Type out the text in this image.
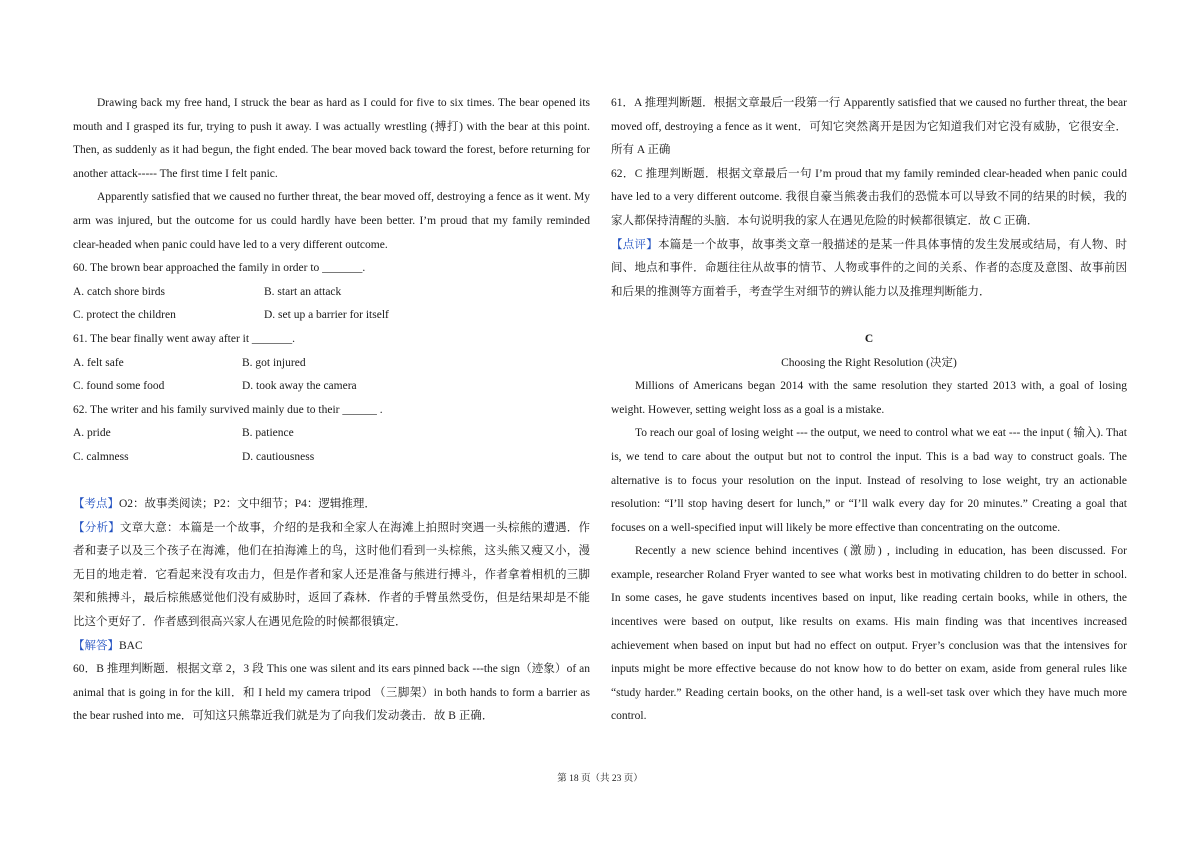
Drawing back my free hand, I struck the bear as hard as I could for five to six times. The bear opened its mouth and I grasped its fur, trying to push it away. I was actually wrestling (搏打) with the bear at this point. Then, as suddenly as it had begun, the fight ended. The bear moved back toward the forest, before returning for another attack----- The first time I felt panic.

Apparently satisfied that we caused no further threat, the bear moved off, destroying a fence as it went. My arm was injured, but the outcome for us could hardly have been better. I’m proud that my family reminded clear-headed when panic could have led to a very different outcome.

60. The brown bear approached the family in order to _______.

A. catch shore birds	B. start an attack
C. protect the children	D. set up a barrier for itself

61. The bear finally went away after it _______.

A. felt safe	B. got injured
C. found some food	D. took away the camera

62. The writer and his family survived mainly due to their ______ .

A. pride	B. patience
C. calmness	D. cautiousness

【考点】O2：故事类阅读；P2：文中细节；P4：逻辑推理．

【分析】文章大意：本篇是一个故事，介绍的是我和全家人在海滩上拍照时突遇一头棕熊的遭遇．作者和妻子以及三个孩子在海滩，他们在拍海滩上的鸟，这时他们看到一头棕熊，这头熊又瘦又小，漫无目的地走着．它看起来没有攻击力，但是作者和家人还是准备与熊进行搏斗，作者拿着相机的三脚架和熊搏斗，最后棕熊感觉他们没有威胁时，返回了森林．作者的手臂虽然受伤，但是结果却是不能比这个更好了．作者感到很高兴家人在遇见危险的时候都很镇定．

【解答】BAC

60．B 推理判断题．根据文章 2，3 段 This one was silent and its ears pinned back ---the sign（迹象）of an animal that is going in for the kill．和 I held my camera tripod （三脚架）in both hands to form a barrier as the bear rushed into me．可知这只熊靠近我们就是为了向我们发动袭击．故 B 正确．

61．A 推理判断题．根据文章最后一段第一行 Apparently satisfied that we caused no further threat, the bear moved off, destroying a fence as it went．可知它突然离开是因为它知道我们对它没有威胁，它很安全．所有 A 正确

62．C 推理判断题．根据文章最后一句 I’m proud that my family reminded clear-headed when panic could have led to a very different outcome. 我很自豪当熊袭击我们的恐慌本可以导致不同的结果的时候，我的家人都保持清醒的头脑．本句说明我的家人在遇见危险的时候都很镇定．故 C 正确．

【点评】本篇是一个故事，故事类文章一般描述的是某一件具体事情的发生发展或结局，有人物、时间、地点和事件．命题往往从故事的情节、人物或事件的之间的关系、作者的态度及意图、故事前因和后果的推测等方面着手，考查学生对细节的辨认能力以及推理判断能力．

C

Choosing the Right Resolution (决定)

Millions of Americans began 2014 with the same resolution they started 2013 with, a goal of losing weight. However, setting weight loss as a goal is a mistake.

To reach our goal of losing weight --- the output, we need to control what we eat --- the input ( 输入). That is, we tend to care about the output but not to control the input. This is a bad way to construct goals. The alternative is to focus your resolution on the input. Instead of resolving to lose weight, try an actionable resolution: “I’ll stop having desert for lunch,” or “I’ll walk every day for 20 minutes.” Creating a goal that focuses on a well-specified input will likely be more effective than concentrating on the outcome.

Recently a new science behind incentives (激励) , including in education, has been discussed. For example, researcher Roland Fryer wanted to see what works best in motivating children to do better in school. In some cases, he gave students incentives based on input, like reading certain books, while in others, the incentives were based on output, like results on exams. His main finding was that incentives increased achievement when based on input but had no effect on output. Fryer’s conclusion was that the intensives for inputs might be more effective because do not know how to do better on exam, aside from general rules like “study harder.” Reading certain books, on the other hand, is a well-set task over which they have much more control.

第 18 页（共 23 页）
